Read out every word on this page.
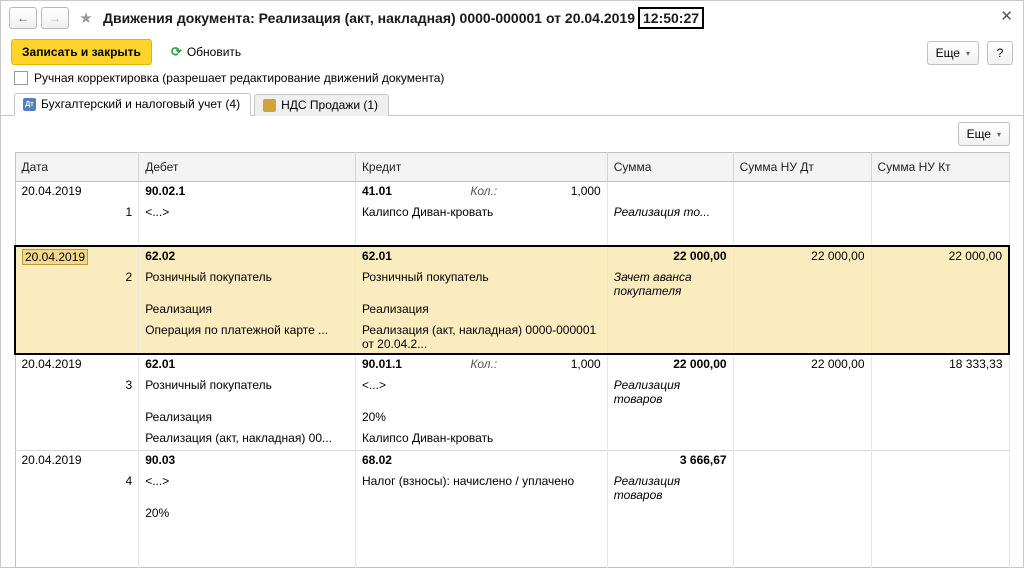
← → ★ Движения документа: Реализация (акт, накладная) 0000-000001 от 20.04.2019 12:50:27	✕
Записать и закрыть	⟳ Обновить	Еще ▾	?
Ручная корректировка (разрешает редактирование движений документа)
Дт Бухгалтерский и налоговый учет (4)	НДС Продажи (1)
Еще ▾
Дата	Дебет	Кредит	Сумма	Сумма НУ Дт	Сумма НУ Кт
20.04.2019	90.02.1	41.01 Кол.: 1,000			

1	<...>	Калипсо Диван-кровать	Реализация то...		

20.04.2019	62.02	62.01	22 000,00	22 000,00	22 000,00
2	Розничный покупатель	Розничный покупатель	Зачет аванса покупателя		
	Реализация	Реализация			
	Операция по платежной карте ...	Реализация (акт, накладная) 0000-000001 от 20.04.2...			
20.04.2019	62.01	90.01.1 Кол.: 1,000	22 000,00	22 000,00	18 333,33
3	Розничный покупатель	<...>	Реализация товаров		
	Реализация	20%			
	Реализация (акт, накладная) 00...	Калипсо Диван-кровать			
20.04.2019	90.03	68.02	3 666,67		
4	<...>	Налог (взносы): начислено / уплачено	Реализация товаров		
	20%				
